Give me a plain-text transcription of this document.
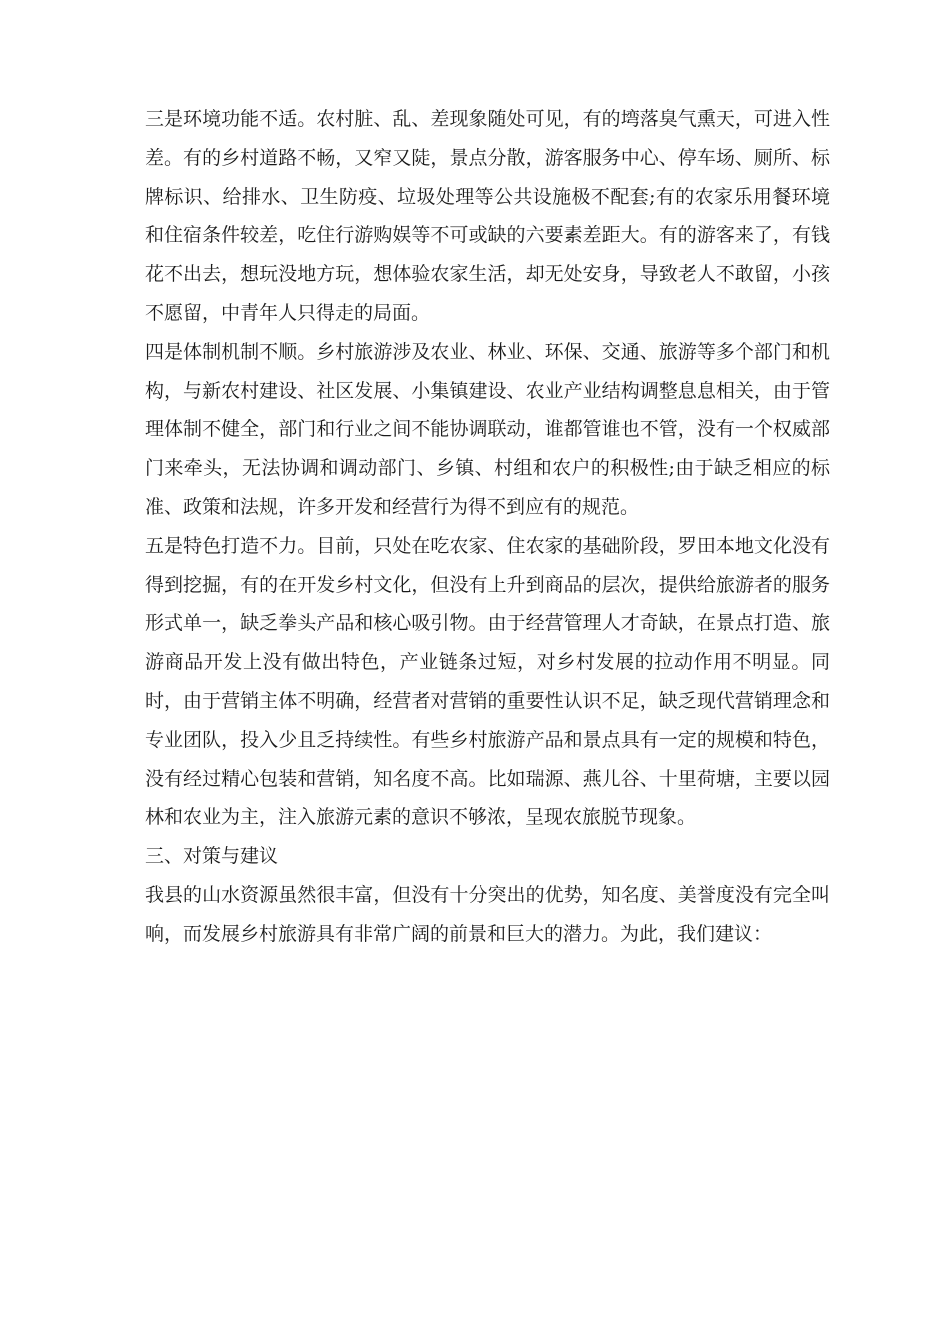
三是环境功能不适。农村脏、乱、差现象随处可见，有的塆落臭气熏天，可进入性差。有的乡村道路不畅，又窄又陡，景点分散，游客服务中心、停车场、厕所、标牌标识、给排水、卫生防疫、垃圾处理等公共设施极不配套;有的农家乐用餐环境和住宿条件较差，吃住行游购娱等不可或缺的六要素差距大。有的游客来了，有钱花不出去，想玩没地方玩，想体验农家生活，却无处安身，导致老人不敢留，小孩不愿留，中青年人只得走的局面。

四是体制机制不顺。乡村旅游涉及农业、林业、环保、交通、旅游等多个部门和机构，与新农村建设、社区发展、小集镇建设、农业产业结构调整息息相关，由于管理体制不健全，部门和行业之间不能协调联动，谁都管谁也不管，没有一个权威部门来牵头，无法协调和调动部门、乡镇、村组和农户的积极性;由于缺乏相应的标准、政策和法规，许多开发和经营行为得不到应有的规范。

五是特色打造不力。目前，只处在吃农家、住农家的基础阶段，罗田本地文化没有得到挖掘，有的在开发乡村文化，但没有上升到商品的层次，提供给旅游者的服务形式单一，缺乏拳头产品和核心吸引物。由于经营管理人才奇缺，在景点打造、旅游商品开发上没有做出特色，产业链条过短，对乡村发展的拉动作用不明显。同时，由于营销主体不明确，经营者对营销的重要性认识不足，缺乏现代营销理念和专业团队，投入少且乏持续性。有些乡村旅游产品和景点具有一定的规模和特色，没有经过精心包装和营销，知名度不高。比如瑞源、燕儿谷、十里荷塘，主要以园林和农业为主，注入旅游元素的意识不够浓，呈现农旅脱节现象。

三、对策与建议

我县的山水资源虽然很丰富，但没有十分突出的优势，知名度、美誉度没有完全叫响，而发展乡村旅游具有非常广阔的前景和巨大的潜力。为此，我们建议：
